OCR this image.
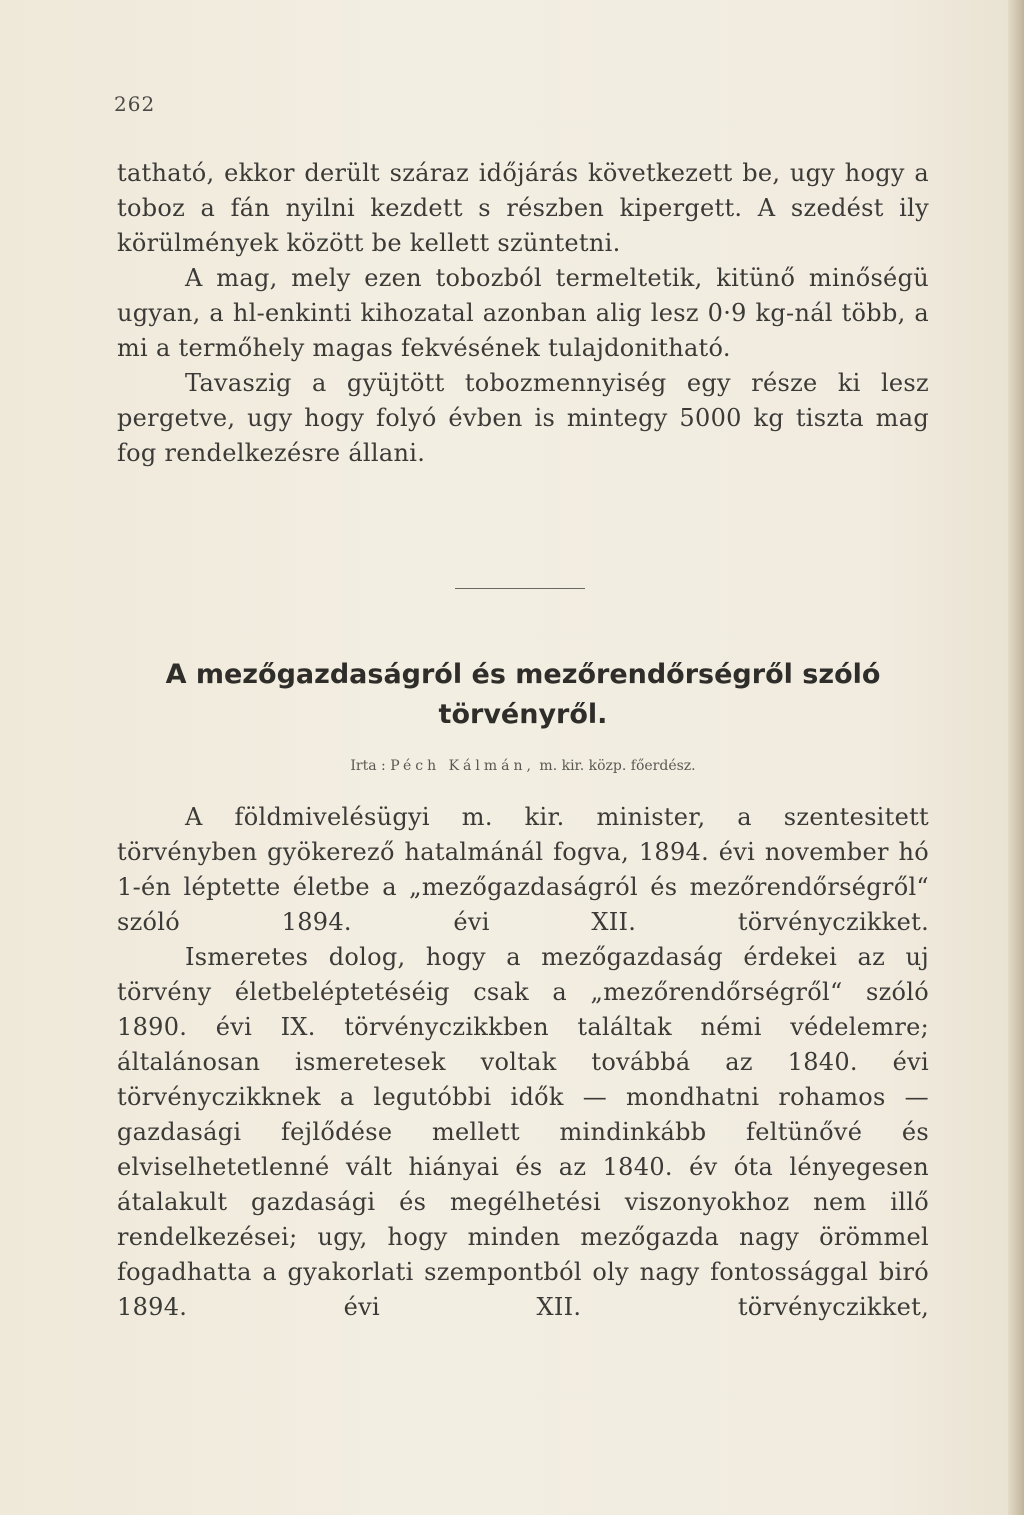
262

tatható, ekkor derült száraz időjárás következett be, ugy hogy a toboz a fán nyilni kezdett s részben kipergett. A szedést ily körülmények között be kellett szüntetni.

A mag, mely ezen tobozból termeltetik, kitünő minőségü ugyan, a hl-enkinti kihozatal azonban alig lesz 0·9 kg-nál több, a mi a termőhely magas fekvésének tulajdonitható.

Tavaszig a gyüjtött tobozmennyiség egy része ki lesz pergetve, ugy hogy folyó évben is mintegy 5000 kg tiszta mag fog rendelkezésre állani.

A mezőgazdaságról és mezőrendőrségről szóló törvényről.
Irta : Péch Kálmán, m. kir. közp. főerdész.

A földmivelésügyi m. kir. minister, a szentesitett törvényben gyökerező hatalmánál fogva, 1894. évi november hó 1-én léptette életbe a „mezőgazdaságról és mezőrendőrségről“ szóló 1894. évi XII. törvényczikket.

Ismeretes dolog, hogy a mezőgazdaság érdekei az uj törvény életbeléptetéséig csak a „mezőrendőrségről“ szóló 1890. évi IX. törvényczikkben találtak némi védelemre; általánosan ismeretesek voltak továbbá az 1840. évi törvényczikknek a legutóbbi idők — mondhatni rohamos — gazdasági fejlődése mellett mindinkább feltünővé és elviselhetetlenné vált hiányai és az 1840. év óta lényegesen átalakult gazdasági és megélhetési viszonyokhoz nem illő rendelkezései; ugy, hogy minden mezőgazda nagy örömmel fogadhatta a gyakorlati szempontból oly nagy fontossággal biró 1894. évi XII. törvényczikket,
